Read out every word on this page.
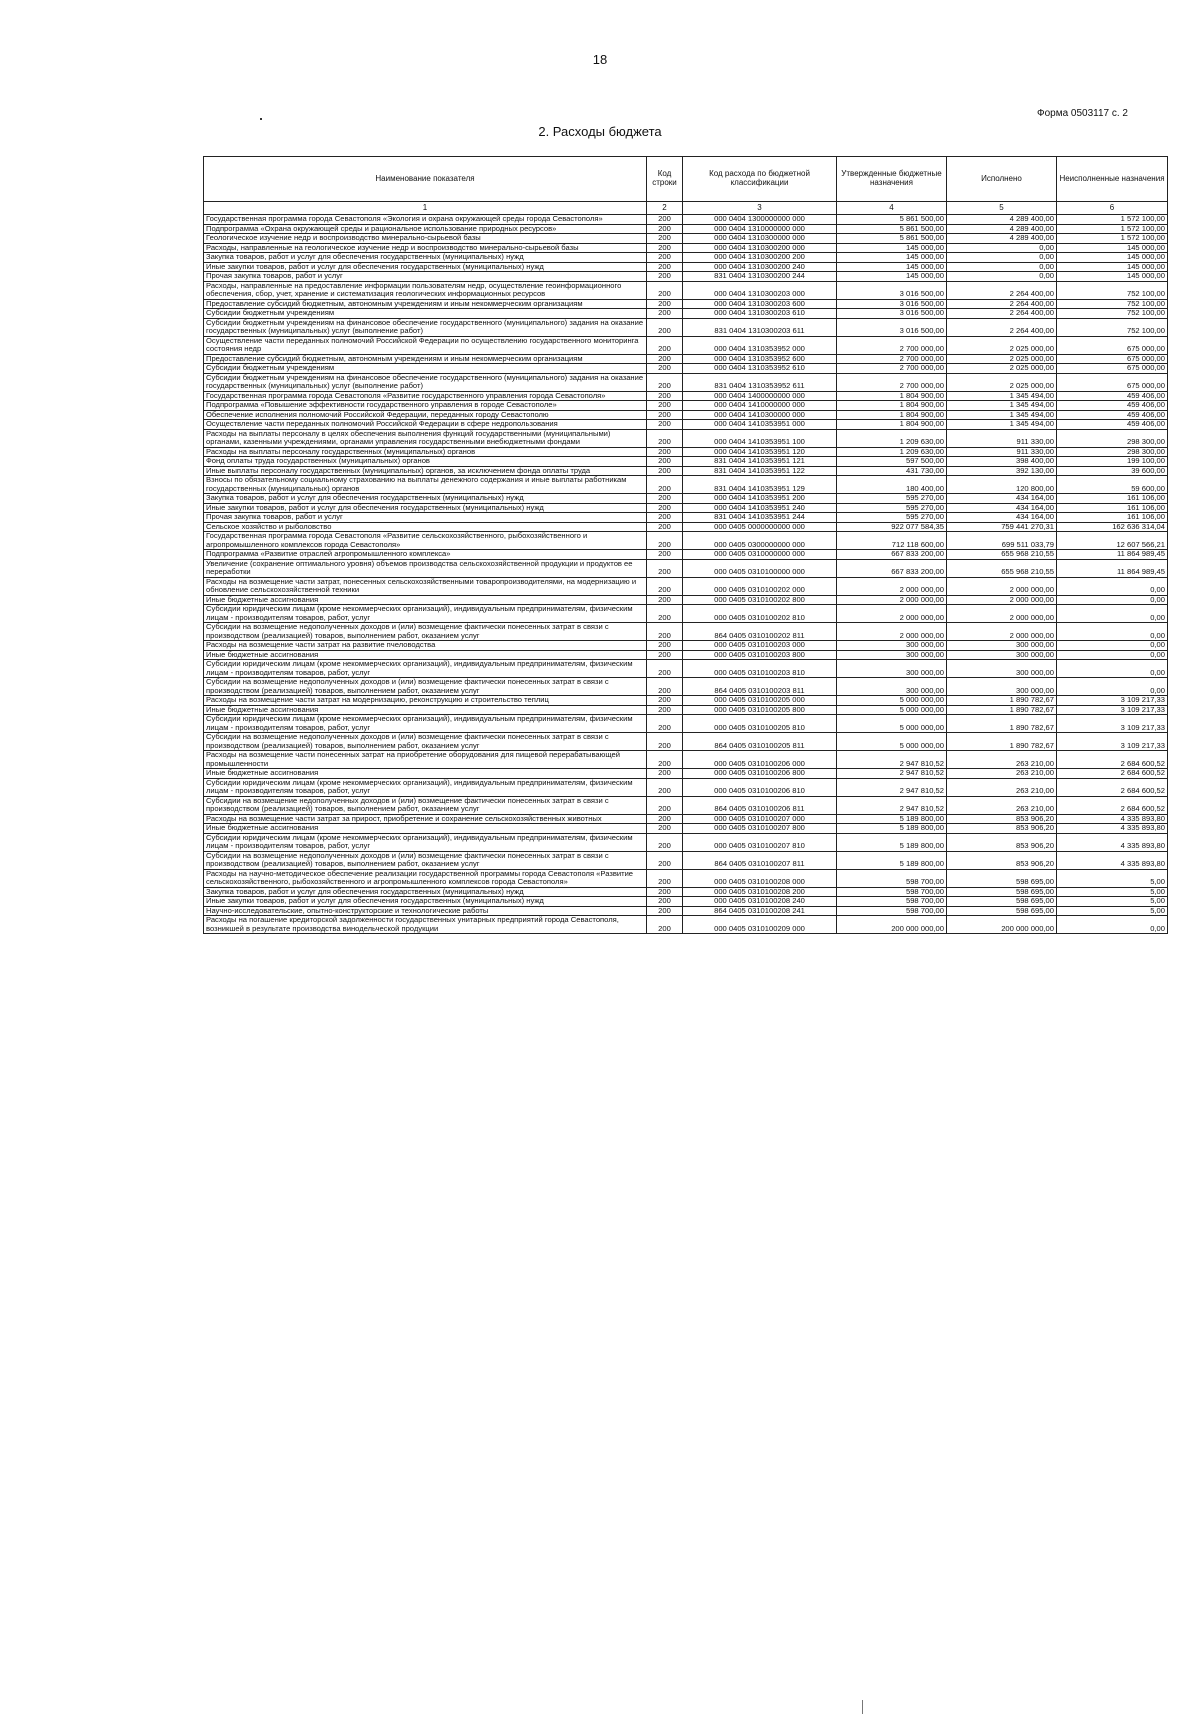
18
Форма 0503117 с. 2
2. Расходы бюджета
Наименование показателя	Код строки	Код расхода по бюджетной классификации	Утвержденные бюджетные назначения	Исполнено	Неисполненные назначения
1	2	3	4	5	6
Государственная программа города Севастополя «Экология и охрана окружающей среды города Севастополя»	200	000 0404 1300000000 000	5 861 500,00	4 289 400,00	1 572 100,00
Подпрограмма «Охрана окружающей среды и рациональное использование природных ресурсов»	200	000 0404 1310000000 000	5 861 500,00	4 289 400,00	1 572 100,00
Геологическое изучение недр и воспроизводство минерально-сырьевой базы	200	000 0404 1310300000 000	5 861 500,00	4 289 400,00	1 572 100,00
Расходы, направленные на геологическое изучение недр и воспроизводство минерально-сырьевой базы	200	000 0404 1310300200 000	145 000,00	0,00	145 000,00
Закупка товаров, работ и услуг для обеспечения государственных (муниципальных) нужд	200	000 0404 1310300200 200	145 000,00	0,00	145 000,00
Иные закупки товаров, работ и услуг для обеспечения государственных (муниципальных) нужд	200	000 0404 1310300200 240	145 000,00	0,00	145 000,00
Прочая закупка товаров, работ и услуг	200	831 0404 1310300200 244	145 000,00	0,00	145 000,00
Расходы, направленные на предоставление информации пользователям недр, осуществление геоинформационного обеспечения, сбор, учет, хранение и систематизация геологических информационных ресурсов	200	000 0404 1310300203 000	3 016 500,00	2 264 400,00	752 100,00
Предоставление субсидий бюджетным, автономным учреждениям и иным некоммерческим организациям	200	000 0404 1310300203 600	3 016 500,00	2 264 400,00	752 100,00
Субсидии бюджетным учреждениям	200	000 0404 1310300203 610	3 016 500,00	2 264 400,00	752 100,00
Субсидии бюджетным учреждениям на финансовое обеспечение государственного (муниципального) задания на оказание государственных (муниципальных) услуг (выполнение работ)	200	831 0404 1310300203 611	3 016 500,00	2 264 400,00	752 100,00
Осуществление части переданных полномочий Российской Федерации по осуществлению государственного мониторинга состояния недр	200	000 0404 1310353952 000	2 700 000,00	2 025 000,00	675 000,00
Предоставление субсидий бюджетным, автономным учреждениям и иным некоммерческим организациям	200	000 0404 1310353952 600	2 700 000,00	2 025 000,00	675 000,00
Субсидии бюджетным учреждениям	200	000 0404 1310353952 610	2 700 000,00	2 025 000,00	675 000,00
Субсидии бюджетным учреждениям на финансовое обеспечение государственного (муниципального) задания на оказание государственных (муниципальных) услуг (выполнение работ)	200	831 0404 1310353952 611	2 700 000,00	2 025 000,00	675 000,00
Государственная программа города Севастополя «Развитие государственного управления города Севастополя»	200	000 0404 1400000000 000	1 804 900,00	1 345 494,00	459 406,00
Подпрограмма «Повышение эффективности государственного управления в городе Севастополе»	200	000 0404 1410000000 000	1 804 900,00	1 345 494,00	459 406,00
Обеспечение исполнения полномочий Российской Федерации, переданных городу Севастополю	200	000 0404 1410300000 000	1 804 900,00	1 345 494,00	459 406,00
Осуществление части переданных полномочий Российской Федерации в сфере недропользования	200	000 0404 1410353951 000	1 804 900,00	1 345 494,00	459 406,00
Расходы на выплаты персоналу в целях обеспечения выполнения функций государственными (муниципальными) органами, казенными учреждениями, органами управления государственными внебюджетными фондами	200	000 0404 1410353951 100	1 209 630,00	911 330,00	298 300,00
Расходы на выплаты персоналу государственных (муниципальных) органов	200	000 0404 1410353951 120	1 209 630,00	911 330,00	298 300,00
Фонд оплаты труда государственных (муниципальных) органов	200	831 0404 1410353951 121	597 500,00	398 400,00	199 100,00
Иные выплаты персоналу государственных (муниципальных) органов, за исключением фонда оплаты труда	200	831 0404 1410353951 122	431 730,00	392 130,00	39 600,00
Взносы по обязательному социальному страхованию на выплаты денежного содержания и иные выплаты работникам государственных (муниципальных) органов	200	831 0404 1410353951 129	180 400,00	120 800,00	59 600,00
Закупка товаров, работ и услуг для обеспечения государственных (муниципальных) нужд	200	000 0404 1410353951 200	595 270,00	434 164,00	161 106,00
Иные закупки товаров, работ и услуг для обеспечения государственных (муниципальных) нужд	200	000 0404 1410353951 240	595 270,00	434 164,00	161 106,00
Прочая закупка товаров, работ и услуг	200	831 0404 1410353951 244	595 270,00	434 164,00	161 106,00
Сельское хозяйство и рыболовство	200	000 0405 0000000000 000	922 077 584,35	759 441 270,31	162 636 314,04
Государственная программа города Севастополя «Развитие сельскохозяйственного, рыбохозяйственного и агропромышленного комплексов города Севастополя»	200	000 0405 0300000000 000	712 118 600,00	699 511 033,79	12 607 566,21
Подпрограмма «Развитие отраслей агропромышленного комплекса»	200	000 0405 0310000000 000	667 833 200,00	655 968 210,55	11 864 989,45
Увеличение (сохранение оптимального уровня) объемов производства сельскохозяйственной продукции и продуктов ее переработки	200	000 0405 0310100000 000	667 833 200,00	655 968 210,55	11 864 989,45
Расходы на возмещение части затрат, понесенных сельскохозяйственными товаропроизводителями, на модернизацию и обновление сельскохозяйственной техники	200	000 0405 0310100202 000	2 000 000,00	2 000 000,00	0,00
Иные бюджетные ассигнования	200	000 0405 0310100202 800	2 000 000,00	2 000 000,00	0,00
Субсидии юридическим лицам (кроме некоммерческих организаций), индивидуальным предпринимателям, физическим лицам - производителям товаров, работ, услуг	200	000 0405 0310100202 810	2 000 000,00	2 000 000,00	0,00
Субсидии на возмещение недополученных доходов и (или) возмещение фактически понесенных затрат в связи с производством (реализацией) товаров, выполнением работ, оказанием услуг	200	864 0405 0310100202 811	2 000 000,00	2 000 000,00	0,00
Расходы на возмещение части затрат на развитие пчеловодства	200	000 0405 0310100203 000	300 000,00	300 000,00	0,00
Иные бюджетные ассигнования	200	000 0405 0310100203 800	300 000,00	300 000,00	0,00
Субсидии юридическим лицам (кроме некоммерческих организаций), индивидуальным предпринимателям, физическим лицам - производителям товаров, работ, услуг	200	000 0405 0310100203 810	300 000,00	300 000,00	0,00
Субсидии на возмещение недополученных доходов и (или) возмещение фактически понесенных затрат в связи с производством (реализацией) товаров, выполнением работ, оказанием услуг	200	864 0405 0310100203 811	300 000,00	300 000,00	0,00
Расходы на возмещение части затрат на модернизацию, реконструкцию и строительство теплиц	200	000 0405 0310100205 000	5 000 000,00	1 890 782,67	3 109 217,33
Иные бюджетные ассигнования	200	000 0405 0310100205 800	5 000 000,00	1 890 782,67	3 109 217,33
Субсидии юридическим лицам (кроме некоммерческих организаций), индивидуальным предпринимателям, физическим лицам - производителям товаров, работ, услуг	200	000 0405 0310100205 810	5 000 000,00	1 890 782,67	3 109 217,33
Субсидии на возмещение недополученных доходов и (или) возмещение фактически понесенных затрат в связи с производством (реализацией) товаров, выполнением работ, оказанием услуг	200	864 0405 0310100205 811	5 000 000,00	1 890 782,67	3 109 217,33
Расходы на возмещение части понесенных затрат на приобретение оборудования для пищевой перерабатывающей промышленности	200	000 0405 0310100206 000	2 947 810,52	263 210,00	2 684 600,52
Иные бюджетные ассигнования	200	000 0405 0310100206 800	2 947 810,52	263 210,00	2 684 600,52
Субсидии юридическим лицам (кроме некоммерческих организаций), индивидуальным предпринимателям, физическим лицам - производителям товаров, работ, услуг	200	000 0405 0310100206 810	2 947 810,52	263 210,00	2 684 600,52
Субсидии на возмещение недополученных доходов и (или) возмещение фактически понесенных затрат в связи с производством (реализацией) товаров, выполнением работ, оказанием услуг	200	864 0405 0310100206 811	2 947 810,52	263 210,00	2 684 600,52
Расходы на возмещение части затрат за прирост, приобретение и сохранение сельскохозяйственных животных	200	000 0405 0310100207 000	5 189 800,00	853 906,20	4 335 893,80
Иные бюджетные ассигнования	200	000 0405 0310100207 800	5 189 800,00	853 906,20	4 335 893,80
Субсидии юридическим лицам (кроме некоммерческих организаций), индивидуальным предпринимателям, физическим лицам - производителям товаров, работ, услуг	200	000 0405 0310100207 810	5 189 800,00	853 906,20	4 335 893,80
Субсидии на возмещение недополученных доходов и (или) возмещение фактически понесенных затрат в связи с производством (реализацией) товаров, выполнением работ, оказанием услуг	200	864 0405 0310100207 811	5 189 800,00	853 906,20	4 335 893,80
Расходы на научно-методическое обеспечение реализации государственной программы города Севастополя «Развитие сельскохозяйственного, рыбохозяйственного и агропромышленного комплексов города Севастополя»	200	000 0405 0310100208 000	598 700,00	598 695,00	5,00
Закупка товаров, работ и услуг для обеспечения государственных (муниципальных) нужд	200	000 0405 0310100208 200	598 700,00	598 695,00	5,00
Иные закупки товаров, работ и услуг для обеспечения государственных (муниципальных) нужд	200	000 0405 0310100208 240	598 700,00	598 695,00	5,00
Научно-исследовательские, опытно-конструкторские и технологические работы	200	864 0405 0310100208 241	598 700,00	598 695,00	5,00
Расходы на погашение кредиторской задолженности государственных унитарных предприятий города Севастополя, возникшей в результате производства винодельческой продукции	200	000 0405 0310100209 000	200 000 000,00	200 000 000,00	0,00
